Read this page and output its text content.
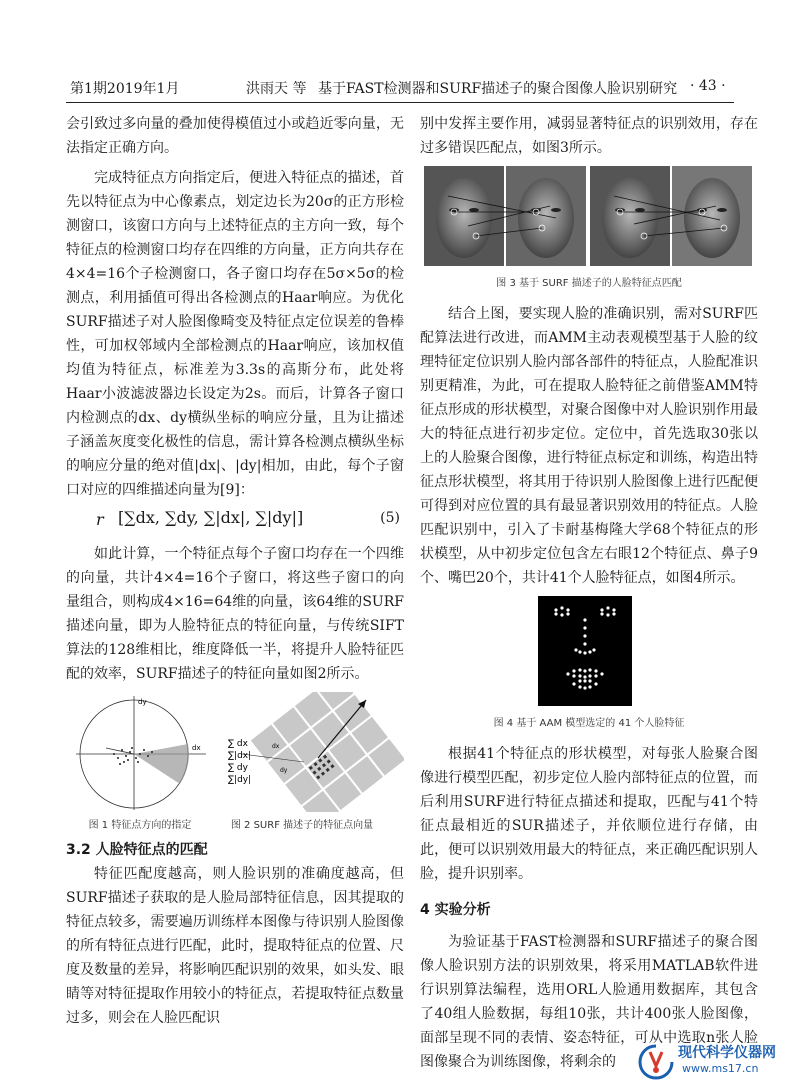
第1期2019年1月	洪雨天 等 基于FAST检测器和SURF描述子的聚合图像人脸识别研究 · 43 ·

会引致过多向量的叠加使得模值过小或趋近零向量，无法指定正确方向。

完成特征点方向指定后，便进入特征点的描述，首先以特征点为中心像素点，划定边长为20σ的正方形检测窗口，该窗口方向与上述特征点的主方向一致，每个特征点的检测窗口均存在四维的方向量，正方向共存在4×4=16个子检测窗口，各子窗口均存在5σ×5σ的检测点，利用插值可得出各检测点的Haar响应。为优化SURF描述子对人脸图像畸变及特征点定位误差的鲁棒性，可加权邻域内全部检测点的Haar响应，该加权值均值为特征点，标准差为3.3s的高斯分布，此处将Haar小波滤波器边长设定为2s。而后，计算各子窗口内检测点的dx、dy横纵坐标的响应分量，且为让描述子涵盖灰度变化极性的信息，需计算各检测点横纵坐标的响应分量的绝对值|dx|、|dy|相加，由此，每个子窗口对应的四维描述向量为[9]：

r [∑dx, ∑dy, ∑|dx|, ∑|dy|]	(5)

如此计算，一个特征点每个子窗口均存在一个四维的向量，共计4×4=16个子窗口，将这些子窗口的向量组合，则构成4×16=64维的向量，该64维的SURF描述向量，即为人脸特征点的特征向量，与传统SIFT算法的128维相比，维度降低一半，将提升人脸特征匹配的效率，SURF描述子的特征向量如图2所示。

dy
dx	∑ dx
∑|dx|
∑ dy
∑|dy|
dx
dy
图 1 特征点方向的指定	图 2 SURF 描述子的特征点向量

3.2 人脸特征点的匹配

特征匹配度越高，则人脸识别的准确度越高，但SURF描述子获取的是人脸局部特征信息，因其提取的特征点较多，需要遍历训练样本图像与待识别人脸图像的所有特征点进行匹配，此时，提取特征点的位置、尺度及数量的差异，将影响匹配识别的效果，如头发、眼睛等对特征提取作用较小的特征点，若提取特征点数量过多，则会在人脸匹配识

别中发挥主要作用，减弱显著特征点的识别效用，存在过多错误匹配点，如图3所示。

图 3 基于 SURF 描述子的人脸特征点匹配

结合上图，要实现人脸的准确识别，需对SURF匹配算法进行改进，而AMM主动表观模型基于人脸的纹理特征定位识别人脸内部各部件的特征点，人脸配准识别更精准，为此，可在提取人脸特征之前借鉴AMM特征点形成的形状模型，对聚合图像中对人脸识别作用最大的特征点进行初步定位。定位中，首先选取30张以上的人脸聚合图像，进行特征点标定和训练，构造出特征点形状模型，将其用于待识别人脸图像上进行匹配便可得到对应位置的具有最显著识别效用的特征点。人脸匹配识别中，引入了卡耐基梅隆大学68个特征点的形状模型，从中初步定位包含左右眼12个特征点、鼻子9个、嘴巴20个，共计41个人脸特征点，如图4所示。

图 4 基于 AAM 模型选定的 41 个人脸特征

根据41个特征点的形状模型，对每张人脸聚合图像进行模型匹配，初步定位人脸内部特征点的位置，而后利用SURF进行特征点描述和提取，匹配与41个特征点最相近的SUR描述子，并依顺位进行存储，由此，便可以识别效用最大的特征点，来正确匹配识别人脸，提升识别率。

4 实验分析

为验证基于FAST检测器和SURF描述子的聚合图像人脸识别方法的识别效果，将采用MATLAB软件进行识别算法编程，选用ORL人脸通用数据库，其包含了40组人脸数据，每组10张，共计400张人脸图像，面部呈现不同的表情、姿态特征，可从中选取n张人脸图像聚合为训练图像，将剩余的

现代科学仪器网
www.ms17.cn
